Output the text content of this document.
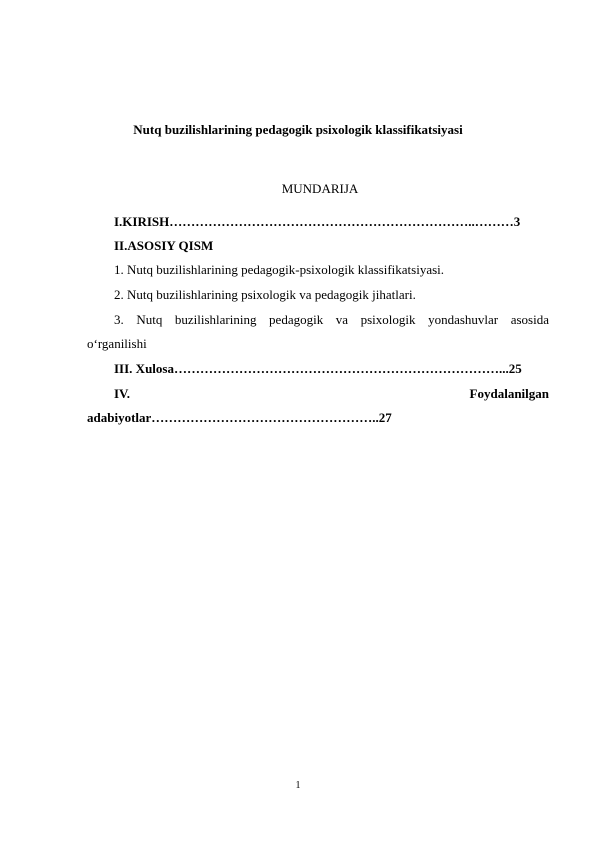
Nutq buzilishlarining pedagogik psixologik klassifikatsiyasi
MUNDARIJA
I.KIRISH……………………………………………………………..………3
II.ASOSIY QISM
1. Nutq buzilishlarining pedagogik-psixologik klassifikatsiyasi.
2. Nutq buzilishlarining psixologik va pedagogik jihatlari.
3. Nutq buzilishlarining pedagogik va psixologik yondashuvlar asosida
o‘rganilishi
III. Xulosa…………………………………………………………………...25
IV.	Foydalanilgan
adabiyotlar……………………………………………..27
1
